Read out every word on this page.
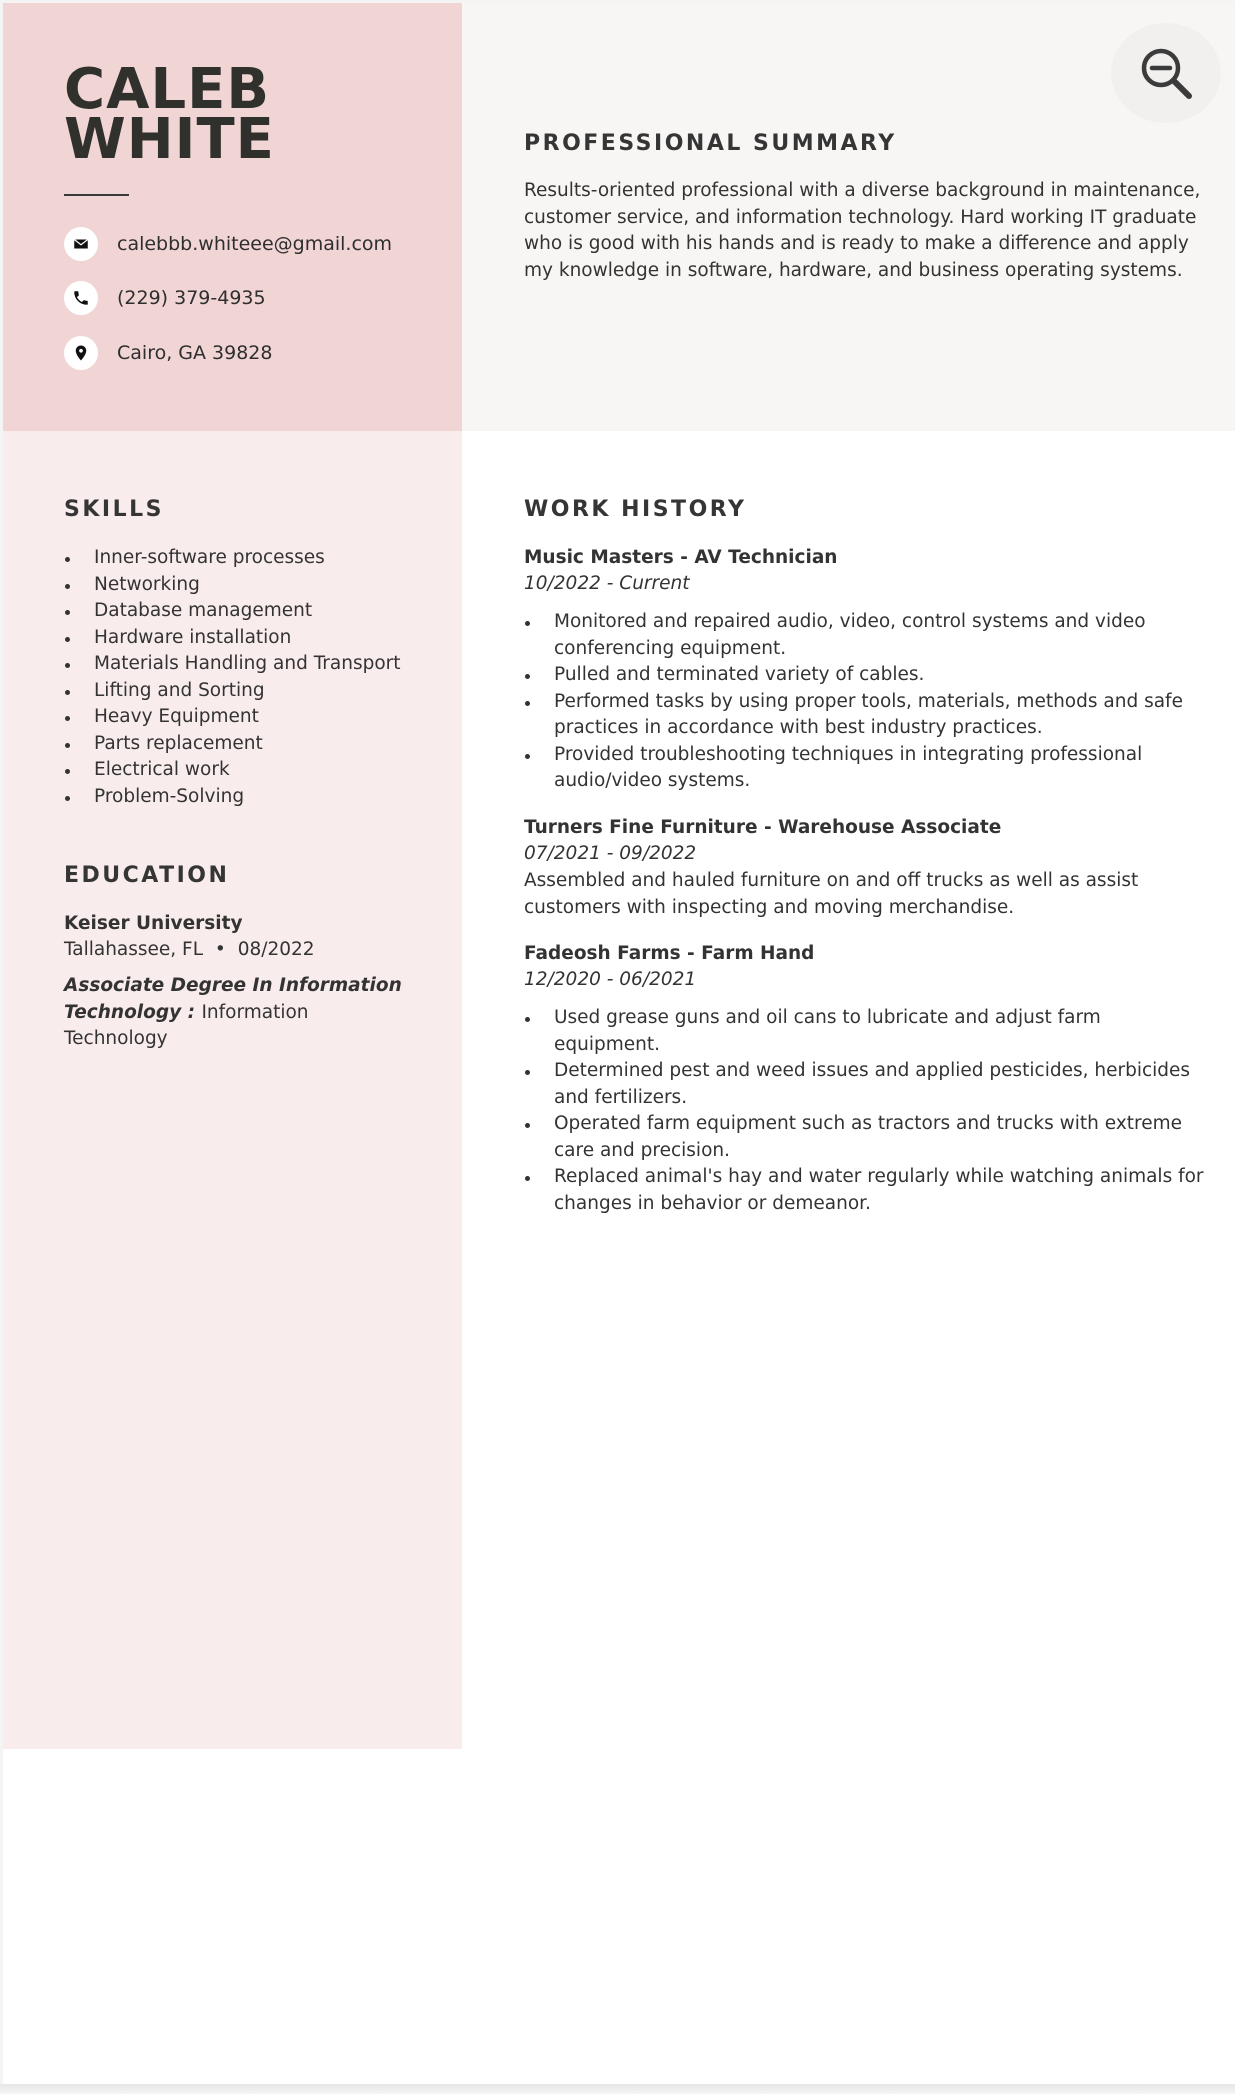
CALEB
WHITE
calebbb.whiteee@gmail.com
(229) 379-4935
Cairo, GA 39828
PROFESSIONAL SUMMARY

Results-oriented professional with a diverse background in maintenance, customer service, and information technology. Hard working IT graduate who is good with his hands and is ready to make a difference and apply my knowledge in software, hardware, and business operating systems.

SKILLS
Inner-software processes
Networking
Database management
Hardware installation
Materials Handling and Transport
Lifting and Sorting
Heavy Equipment
Parts replacement
Electrical work
Problem-Solving
EDUCATION

Keiser University

Tallahassee, FL • 08/2022

Associate Degree In Information Technology : Information Technology

WORK HISTORY

Music Masters - AV Technician

10/2022 - Current

Monitored and repaired audio, video, control systems and video conferencing equipment.
Pulled and terminated variety of cables.
Performed tasks by using proper tools, materials, methods and safe practices in accordance with best industry practices.
Provided troubleshooting techniques in integrating professional audio/video systems.

Turners Fine Furniture - Warehouse Associate

07/2021 - 09/2022

Assembled and hauled furniture on and off trucks as well as assist customers with inspecting and moving merchandise.

Fadeosh Farms - Farm Hand

12/2020 - 06/2021

Used grease guns and oil cans to lubricate and adjust farm equipment.
Determined pest and weed issues and applied pesticides, herbicides and fertilizers.
Operated farm equipment such as tractors and trucks with extreme care and precision.
Replaced animal's hay and water regularly while watching animals for changes in behavior or demeanor.
